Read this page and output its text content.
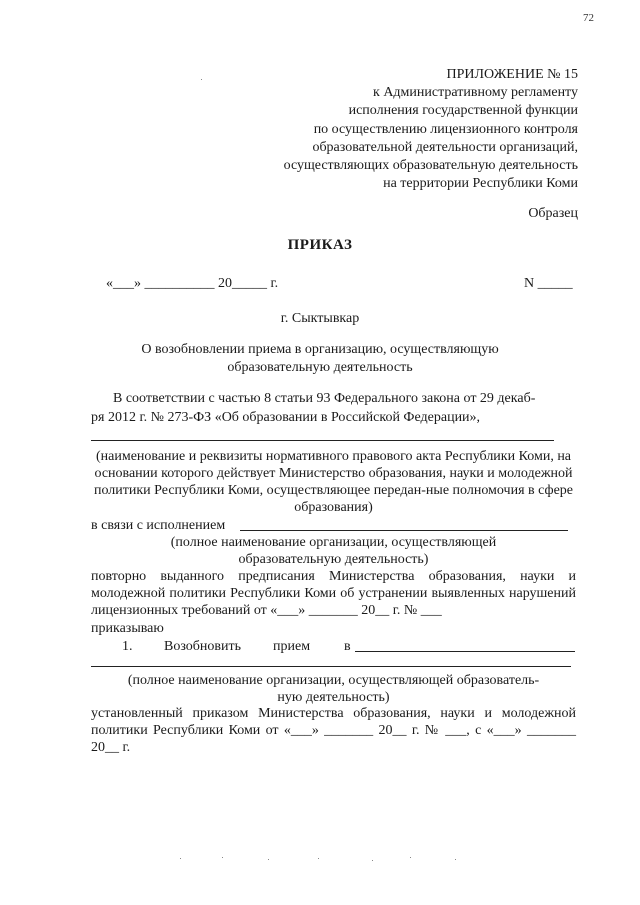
72
ПРИЛОЖЕНИЕ № 15
к Административному регламенту
исполнения государственной функции
по осуществлению лицензионного контроля
образовательной деятельности организаций,
осуществляющих образовательную деятельность
на территории Республики Коми
Образец
ПРИКАЗ
«___» __________ 20_____ г.	N _____
г. Сыктывкар
О возобновлении приема в организацию, осуществляющую
образовательную деятельность
В соответствии с частью 8 статьи 93 Федерального закона от 29 декаб-
ря 2012 г. № 273-ФЗ «Об образовании в Российской Федерации»,
(наименование и реквизиты нормативного правового акта Республики Коми, на основании которого действует Министерство образования, науки и молодежной политики Республики Коми, осуществляющее передан-ные полномочия в сфере образования)
в связи с исполнением
(полное наименование организации, осуществляющей
образовательную деятельность)
повторно выданного предписания Министерства образования, науки и молодежной политики Республики Коми об устранении выявленных нарушений лицензионных требований от «___» _______ 20__ г. № ___
приказываю
1. Возобновить прием в
(полное наименование организации, осуществляющей образователь-
ную деятельность)
установленный приказом Министерства образования, науки и молодежной политики Республики Коми от «___» _______ 20__ г. № ___, с «___» _______ 20__ г.
